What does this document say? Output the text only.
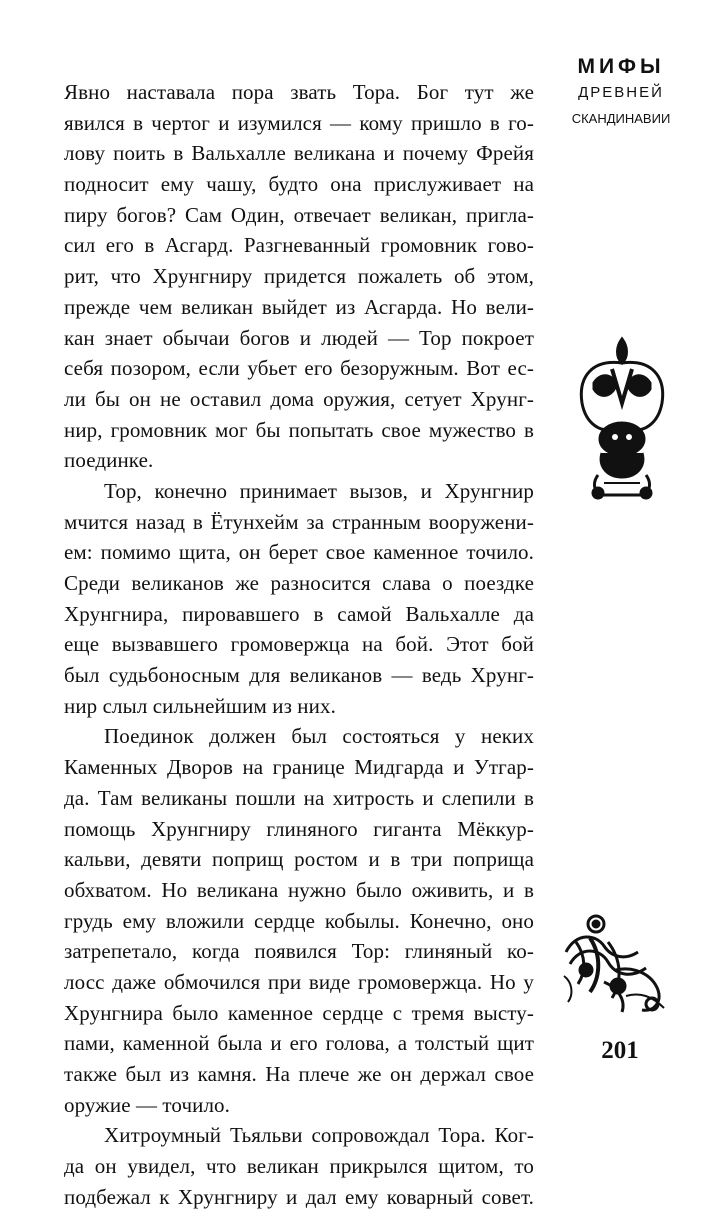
МИФЫ
ДРЕВНЕЙ
СКАНДИНАВИИ
Явно наставала пора звать Тора. Бог тут же
явился в чертог и изумился — кому пришло в го-
лову поить в Вальхалле великана и почему Фрейя
подносит ему чашу, будто она прислуживает на
пиру богов? Сам Один, отвечает великан, пригла-
сил его в Асгард. Разгневанный громовник гово-
рит, что Хрунгниру придется пожалеть об этом,
прежде чем великан выйдет из Асгарда. Но вели-
кан знает обычаи богов и людей — Тор покроет
себя позором, если убьет его безоружным. Вот ес-
ли бы он не оставил дома оружия, сетует Хрунг-
нир, громовник мог бы попытать свое мужество в
поединке.
Тор, конечно принимает вызов, и Хрунгнир
мчится назад в Ётунхейм за странным вооружени-
ем: помимо щита, он берет свое каменное точило.
Среди великанов же разносится слава о поездке
Хрунгнира, пировавшего в самой Вальхалле да
еще вызвавшего громовержца на бой. Этот бой
был судьбоносным для великанов — ведь Хрунг-
нир слыл сильнейшим из них.
Поединок должен был состояться у неких
Каменных Дворов на границе Мидгарда и Утгар-
да. Там великаны пошли на хитрость и слепили в
помощь Хрунгниру глиняного гиганта Мёккур-
кальви, девяти поприщ ростом и в три поприща
обхватом. Но великана нужно было оживить, и в
грудь ему вложили сердце кобылы. Конечно, оно
затрепетало, когда появился Тор: глиняный ко-
лосс даже обмочился при виде громовержца. Но у
Хрунгнира было каменное сердце с тремя высту-
пами, каменной была и его голова, а толстый щит
также был из камня. На плече же он держал свое
оружие — точило.
Хитроумный Тьяльви сопровождал Тора. Ког-
да он увидел, что великан прикрылся щитом, то
подбежал к Хрунгниру и дал ему коварный совет.
201
